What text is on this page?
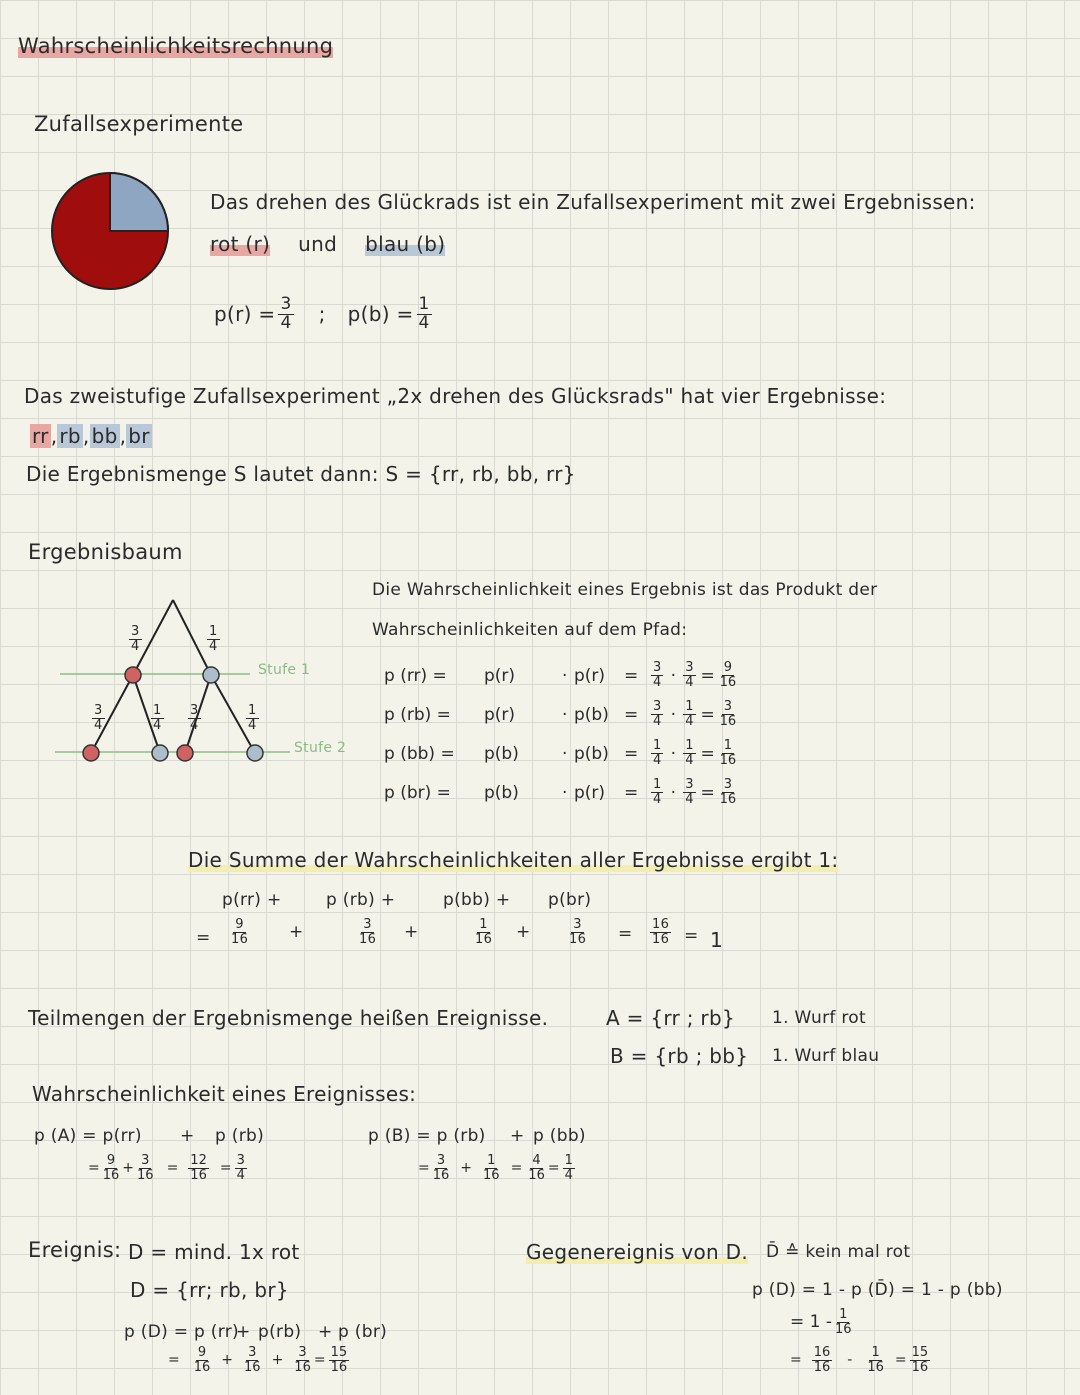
Wahrscheinlichkeitsrechnung
Zufallsexperimente
Das drehen des Glückrads ist ein Zufallsexperiment mit zwei Ergebnissen:
rot (r) und blau (b)
$p(r) = \frac{3}{4}$ ; $p(b) = \frac{1}{4}$
Das zweistufige Zufallsexperiment „2x drehen des Glücksrads" hat vier Ergebnisse:
rr , rb , bb , br
Die Ergebnismenge S lautet dann: S = {rr, rb, bb, rr}
Ergebnisbaum
$\frac{3}{4}$	$\frac{1}{4}$
$\frac{3}{4}$	$\frac{1}{4} \frac{3}{4}$	$\frac{1}{4}$
Stufe 1
Stufe 2
Die Wahrscheinlichkeit eines Ergebnis ist das Produkt der
Wahrscheinlichkeiten auf dem Pfad:
p (rr) =	p(r)	· p(r)	= $\frac{3}{4} \cdot \frac{3}{4} = \frac{9}{16}$
p (rb) =	p(r)	· $p(b) = \frac{3}{4} \cdot \frac{1}{4} = \frac{3}{16}$
p (bb) =	p(b)	· $p(b) = \frac{1}{4} \cdot \frac{1}{4} = \frac{1}{16}$
p (br) =	p(b)	· p(r)	= $\frac{1}{4} \cdot \frac{3}{4} = \frac{3}{16}$
Die Summe der Wahrscheinlichkeiten aller Ergebnisse ergibt 1:
p(rr) +	p (rb) +	p(bb) + p(br)
= $\frac{9}{16}$ +	$\frac{3}{16}$ +	$\frac{1}{16}$ +	$\frac{3}{16} = \frac{16}{16} = 1$
Teilmengen der Ergebnismenge heißen Ereignisse.	A = {rr ; rb} 1. Wurf rot
B = {rb ; bb} 1. Wurf blau
Wahrscheinlichkeit eines Ereignisses:
p (A) = p(rr) + p (rb)
= $\frac{9}{16} + \frac{3}{16} = \frac{12}{16} = \frac{3}{4}$
p (B) = p (rb) + p (bb)
= $\frac{3}{16} + \frac{1}{16} = \frac{4}{16} = \frac{1}{4}$
Ereignis: D = mind. 1x rot
D = {rr; rb, br}
p (D) = p (rr)
+ p(rb) + p (br)
= $\frac{9}{16} + \frac{3}{16} + \frac{3}{16} = \frac{15}{16}$
Gegenereignis von D. D̄ ≙ kein mal rot
p (D) = 1 - p (D̄) = 1 - p (bb)
= $1 - \frac{1}{16}$
= $\frac{16}{16} - \frac{1}{16} = \frac{15}{16}$
